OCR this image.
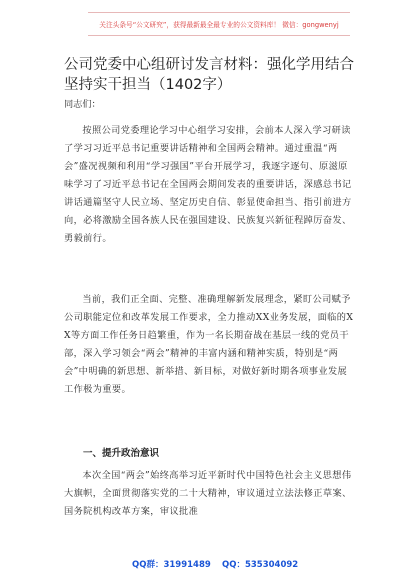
关注头条号“公文研究”，获得最新最全最专业的公文资料库！ 微信：gongwenyj
公司党委中心组研讨发言材料：强化学用结合坚持实干担当（1402字）

同志们：

按照公司党委理论学习中心组学习安排，会前本人深入学习研读了学习习近平总书记重要讲话精神和全国两会精神。通过重温“两会”盛况视频和利用“学习强国”平台开展学习，我逐字逐句、原滋原味学习了习近平总书记在全国两会期间发表的重要讲话，深感总书记讲话通篇坚守人民立场、坚定历史自信、彰显使命担当、指引前进方向，必将激励全国各族人民在强国建设、民族复兴新征程踔厉奋发、勇毅前行。

当前，我们正全面、完整、准确理解新发展理念，紧盯公司赋予公司职能定位和改革发展工作要求，全力推动XX业务发展，面临的XX等方面工作任务日趋繁重，作为一名长期奋战在基层一线的党员干部，深入学习领会“两会”精神的丰富内涵和精神实质，特别是“两会”中明确的新思想、新举措、新目标，对做好新时期各项事业发展工作极为重要。

一、提升政治意识

本次全国“两会”始终高举习近平新时代中国特色社会主义思想伟大旗帜，全面贯彻落实党的二十大精神，审议通过立法法修正草案、国务院机构改革方案，审议批准

QQ群：31991489 QQ：535304092
